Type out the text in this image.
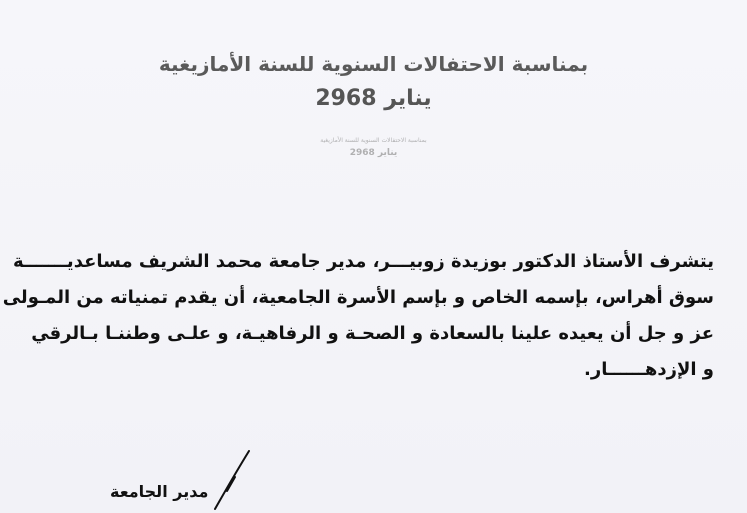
بمناسبة الاحتفالات السنوية للسنة الأمازيغية
يناير 2968
بمناسبة الاحتفالات السنوية للسنة الأمازيغية
يناير 2968
يتشرف الأستاذ الدكتور بوزيدة زوبيـــر، مدير جامعة محمد الشريف مساعديـــــــة
سوق أهراس، بإسمه الخاص و بإسم الأسرة الجامعية، أن يقدم تمنياته من المـولى
عز و جل أن يعيده علينا بالسعادة و الصحـة و الرفاهيـة، و علـى وطننـا بـالرقي
و الإزدهــــــار.
مدير الجامعة
